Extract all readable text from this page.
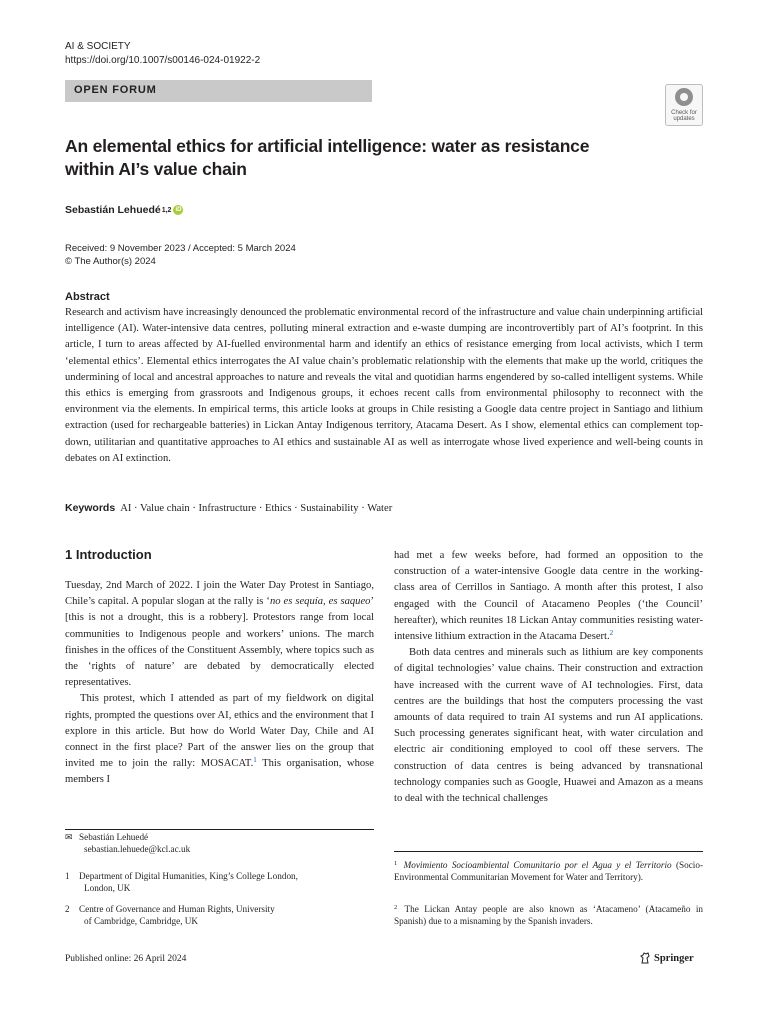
AI & SOCIETY
https://doi.org/10.1007/s00146-024-01922-2
OPEN FORUM
Check for
updates
An elemental ethics for artificial intelligence: water as resistance
within AI’s value chain
Sebastián Lehuedé 1,2 iD
Received: 9 November 2023 / Accepted: 5 March 2024
© The Author(s) 2024
Abstract
Research and activism have increasingly denounced the problematic environmental record of the infrastructure and value chain underpinning artificial intelligence (AI). Water-intensive data centres, polluting mineral extraction and e-waste dumping are incontrovertibly part of AI’s footprint. In this article, I turn to areas affected by AI-fuelled environmental harm and identify an ethics of resistance emerging from local activists, which I term ‘elemental ethics’. Elemental ethics interrogates the AI value chain’s problematic relationship with the elements that make up the world, critiques the undermining of local and ancestral approaches to nature and reveals the vital and quotidian harms engendered by so-called intelligent systems. While this ethics is emerging from grassroots and Indigenous groups, it echoes recent calls from environmental philosophy to reconnect with the environment via the elements. In empirical terms, this article looks at groups in Chile resisting a Google data centre project in Santiago and lithium extraction (used for rechargeable batteries) in Lickan Antay Indigenous territory, Atacama Desert. As I show, elemental ethics can complement top-down, utilitarian and quantitative approaches to AI ethics and sustainable AI as well as interrogate whose lived experience and well-being counts in debates on AI extinction.
Keywords AI · Value chain · Infrastructure · Ethics · Sustainability · Water
1 Introduction

Tuesday, 2nd March of 2022. I join the Water Day Protest in Santiago, Chile’s capital. A popular slogan at the rally is ‘no es sequía, es saqueo’ [this is not a drought, this is a robbery]. Protestors range from local communities to Indigenous people and workers’ unions. The march finishes in the offices of the Constituent Assembly, where topics such as the ‘rights of nature’ are debated by democratically elected representatives.

This protest, which I attended as part of my fieldwork on digital rights, prompted the questions over AI, ethics and the environment that I explore in this article. But how do World Water Day, Chile and AI connect in the first place? Part of the answer lies on the group that invited me to join the rally: MOSACAT.$^1$ This organisation, whose members I

had met a few weeks before, had formed an opposition to the construction of a water-intensive Google data centre in the working-class area of Cerrillos in Santiago. A month after this protest, I also engaged with the Council of Atacameno Peoples (‘the Council’ hereafter), which reunites 18 Lickan Antay communities resisting water-intensive lithium extraction in the Atacama Desert.$^2$

Both data centres and minerals such as lithium are key components of digital technologies’ value chains. Their construction and extraction have increased with the current wave of AI technologies. First, data centres are the buildings that host the computers processing the vast amounts of data required to train AI systems and run AI applications. Such processing generates significant heat, with water circulation and electric air conditioning employed to cool off these servers. The construction of data centres is being advanced by transnational technology companies such as Google, Huawei and Amazon as a means to deal with the technical challenges

✉ Sebastián Lehuedé
sebastian.lehuede@kcl.ac.uk
1 Department of Digital Humanities, King’s College London,
London, UK
2 Centre of Governance and Human Rights, University
of Cambridge, Cambridge, UK
$^1$ Movimiento Socioambiental Comunitario por el Agua y el Territorio (Socio-Environmental Communitarian Movement for Water and Territory).
$^2$ The Lickan Antay people are also known as ‘Atacameno’ (Atacameño in Spanish) due to a misnaming by the Spanish invaders.
Published online: 26 April 2024	Springer
